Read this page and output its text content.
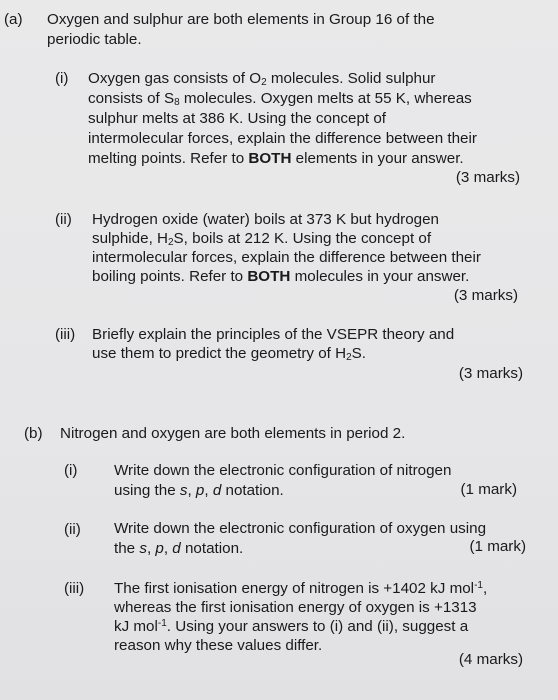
(a) Oxygen and sulphur are both elements in Group 16 of the
periodic table.
(i) Oxygen gas consists of $O_2$ molecules. Solid sulphur
consists of $S_8$ molecules. Oxygen melts at 55 K, whereas
sulphur melts at 386 K. Using the concept of
intermolecular forces, explain the difference between their
melting points. Refer to BOTH elements in your answer.
(3 marks)
(ii) Hydrogen oxide (water) boils at 373 K but hydrogen
sulphide, $H_2S$, boils at 212 K. Using the concept of
intermolecular forces, explain the difference between their
boiling points. Refer to BOTH molecules in your answer.
(3 marks)
(iii) Briefly explain the principles of the VSEPR theory and
use them to predict the geometry of $H_2S$.
(3 marks)
(b) Nitrogen and oxygen are both elements in period 2.
(i) Write down the electronic configuration of nitrogen
using the s, p, d notation.	(1 mark)
(ii) Write down the electronic configuration of oxygen using
the s, p, d notation.	(1 mark)
(iii) The first ionisation energy of nitrogen is +1402 kJ mol$^{-1}$,
whereas the first ionisation energy of oxygen is +1313
kJ mol$^{-1}$. Using your answers to (i) and (ii), suggest a
reason why these values differ.
(4 marks)
